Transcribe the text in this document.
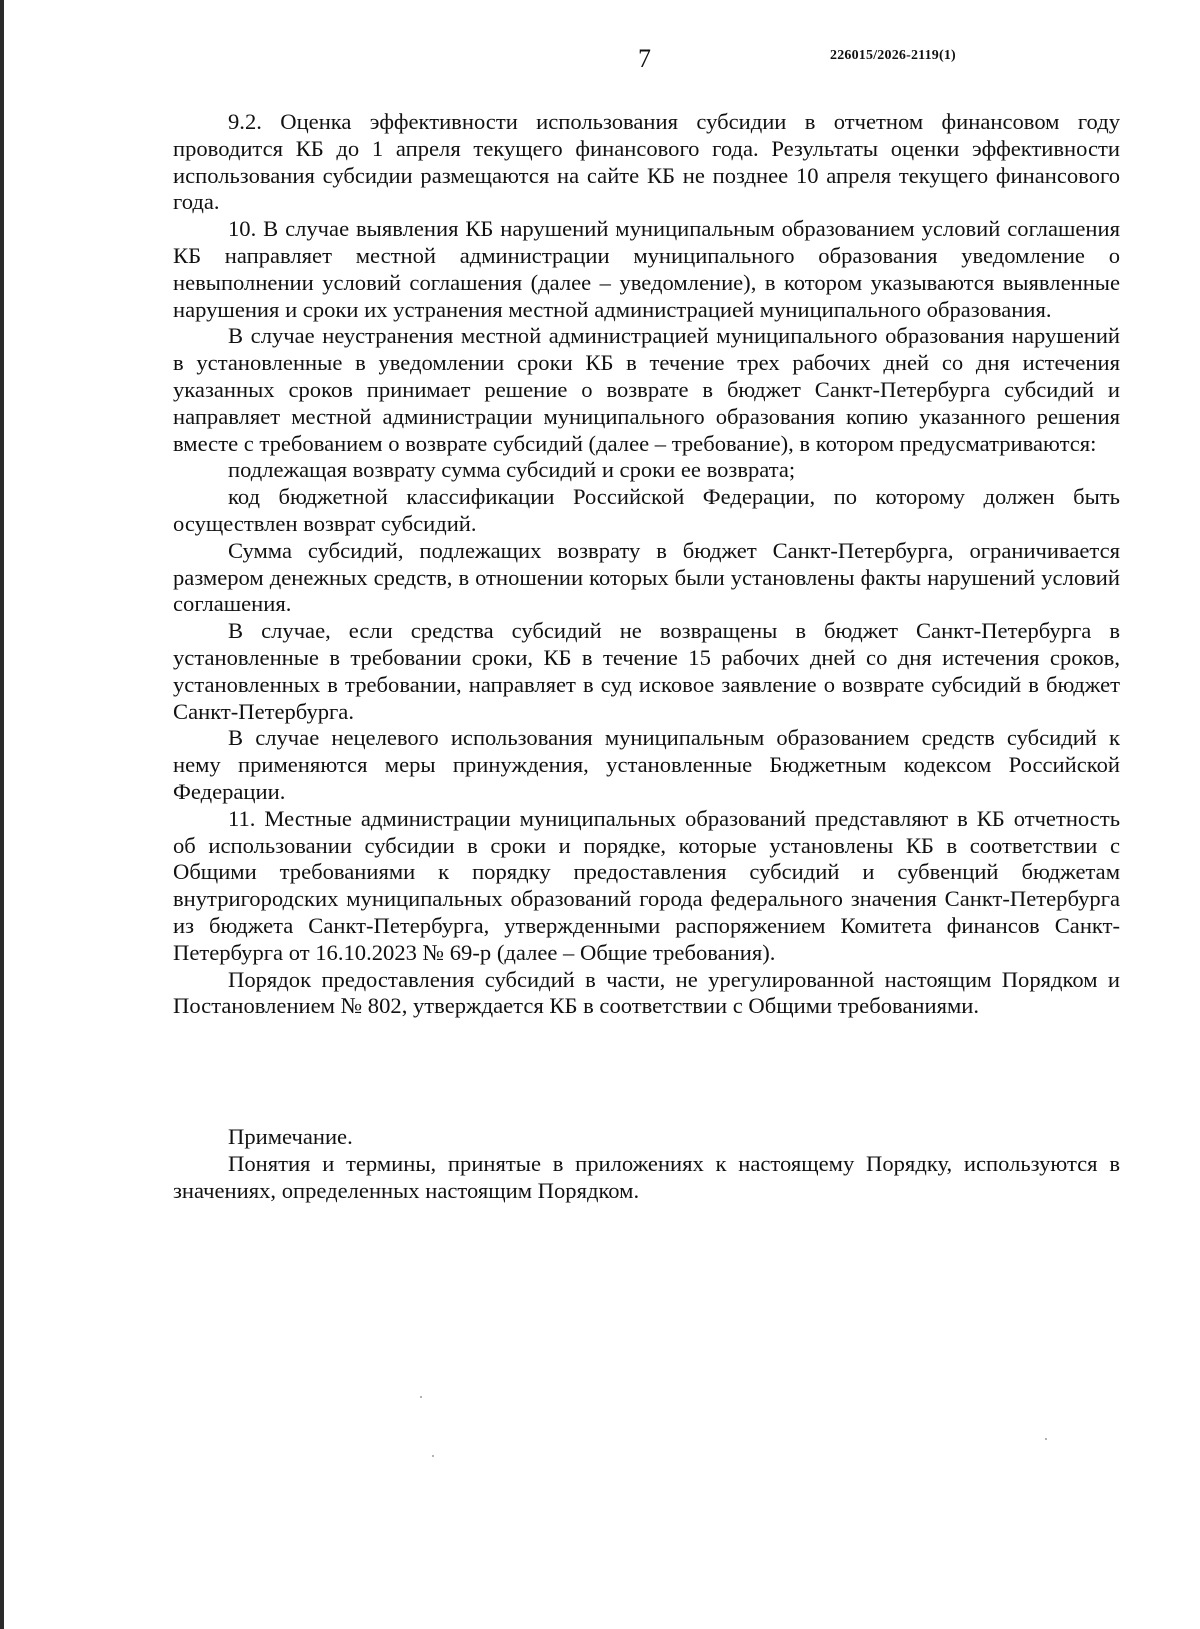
7	226015/2026-2119(1)

9.2. Оценка эффективности использования субсидии в отчетном финансовом году проводится КБ до 1 апреля текущего финансового года. Результаты оценки эффективности использования субсидии размещаются на сайте КБ не позднее 10 апреля текущего финансового года.

10. В случае выявления КБ нарушений муниципальным образованием условий соглашения КБ направляет местной администрации муниципального образования уведомление о невыполнении условий соглашения (далее – уведомление), в котором указываются выявленные нарушения и сроки их устранения местной администрацией муниципального образования.

В случае неустранения местной администрацией муниципального образования нарушений в установленные в уведомлении сроки КБ в течение трех рабочих дней со дня истечения указанных сроков принимает решение о возврате в бюджет Санкт-Петербурга субсидий и направляет местной администрации муниципального образования копию указанного решения вместе с требованием о возврате субсидий (далее – требование), в котором предусматриваются:

подлежащая возврату сумма субсидий и сроки ее возврата;

код бюджетной классификации Российской Федерации, по которому должен быть осуществлен возврат субсидий.

Сумма субсидий, подлежащих возврату в бюджет Санкт-Петербурга, ограничивается размером денежных средств, в отношении которых были установлены факты нарушений условий соглашения.

В случае, если средства субсидий не возвращены в бюджет Санкт-Петербурга в установленные в требовании сроки, КБ в течение 15 рабочих дней со дня истечения сроков, установленных в требовании, направляет в суд исковое заявление о возврате субсидий в бюджет Санкт-Петербурга.

В случае нецелевого использования муниципальным образованием средств субсидий к нему применяются меры принуждения, установленные Бюджетным кодексом Российской Федерации.

11. Местные администрации муниципальных образований представляют в КБ отчетность об использовании субсидии в сроки и порядке, которые установлены КБ в соответствии с Общими требованиями к порядку предоставления субсидий и субвенций бюджетам внутригородских муниципальных образований города федерального значения Санкт-Петербурга из бюджета Санкт-Петербурга, утвержденными распоряжением Комитета финансов Санкт-Петербурга от 16.10.2023 № 69-р (далее – Общие требования).

Порядок предоставления субсидий в части, не урегулированной настоящим Порядком и Постановлением № 802, утверждается КБ в соответствии с Общими требованиями.

Примечание.

Понятия и термины, принятые в приложениях к настоящему Порядку, используются в значениях, определенных настоящим Порядком.
